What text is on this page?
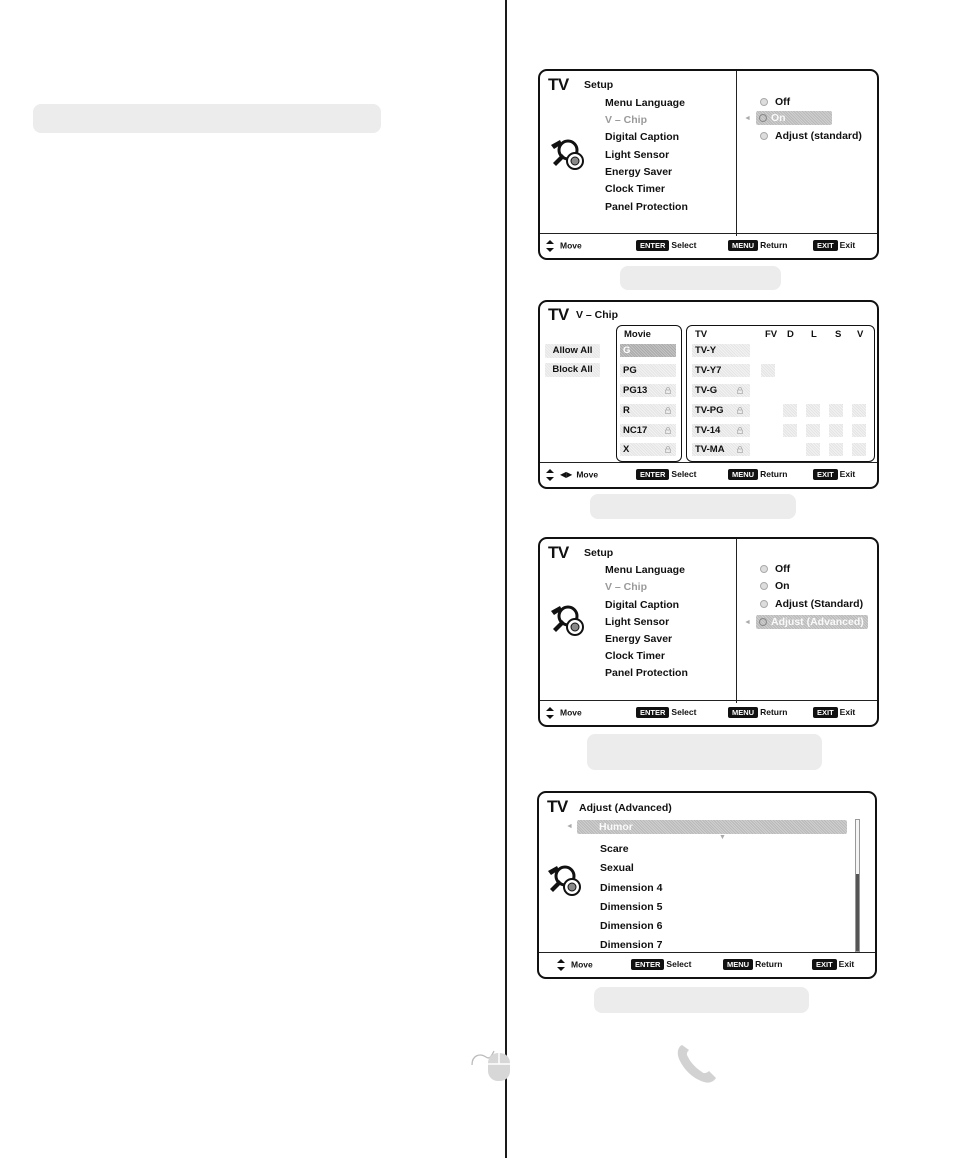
TV Setup
Menu Language
V – Chip
Digital Caption
Light Sensor
Energy Saver
Clock Timer
Panel Protection
Off
◄ On
Adjust (standard)
Move	ENTER Select	MENU Return	EXIT Exit
TV V – Chip
Allow All
Block All
Movie
G
PG
PG13
R
NC17
X
TV	FV D L S V
TV-Y
TV-Y7
TV-G
TV-PG
TV-14
TV-MA
◀▶ Move	ENTER Select	MENU Return	EXIT Exit
TV Setup
Menu Language
V – Chip
Digital Caption
Light Sensor
Energy Saver
Clock Timer
Panel Protection
Off
On
Adjust (Standard)
◄ Adjust (Advanced)
Move	ENTER Select	MENU Return	EXIT Exit
TV Adjust (Advanced)
◄ Humor
▼
Scare
Sexual
Dimension 4
Dimension 5
Dimension 6
Dimension 7
Move	ENTER Select	MENU Return	EXIT Exit
